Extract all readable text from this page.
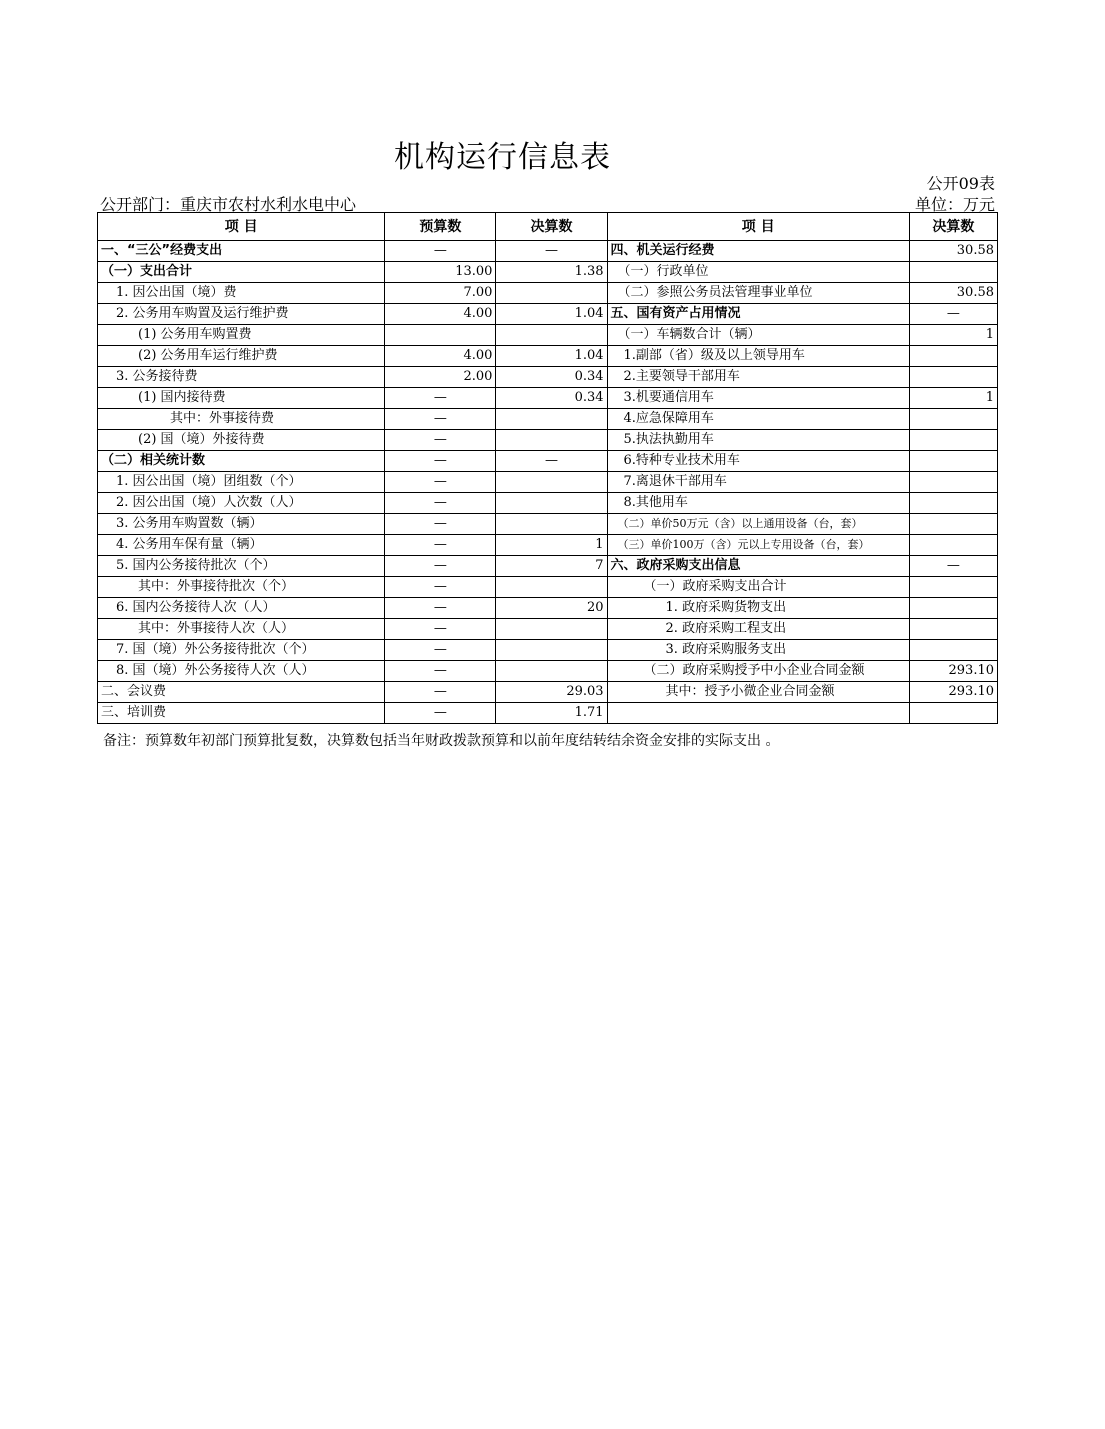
机构运行信息表
公开09表
公开部门：重庆市农村水利水电中心	单位：万元
项 目	预算数	决算数	项 目	决算数
一、“三公”经费支出	—	—	四、机关运行经费	30.58
（一）支出合计	13.00	1.38	（一）行政单位	
1. 因公出国（境）费	7.00		（二）参照公务员法管理事业单位	30.58
2. 公务用车购置及运行维护费	4.00	1.04	五、国有资产占用情况	—
(1) 公务用车购置费			（一）车辆数合计（辆）	1
(2) 公务用车运行维护费	4.00	1.04	1.副部（省）级及以上领导用车	
3. 公务接待费	2.00	0.34	2.主要领导干部用车	
(1) 国内接待费	—	0.34	3.机要通信用车	1
其中：外事接待费	—		4.应急保障用车	
(2) 国（境）外接待费	—		5.执法执勤用车	
（二）相关统计数	—	—	6.特种专业技术用车	
1. 因公出国（境）团组数（个）	—		7.离退休干部用车	
2. 因公出国（境）人次数（人）	—		8.其他用车	
3. 公务用车购置数（辆）	—		（二）单价50万元（含）以上通用设备（台，套）	
4. 公务用车保有量（辆）	—	1	（三）单价100万（含）元以上专用设备（台，套）	
5. 国内公务接待批次（个）	—	7	六、政府采购支出信息	—
其中：外事接待批次（个）	—		（一）政府采购支出合计	
6. 国内公务接待人次（人）	—	20	1. 政府采购货物支出	
其中：外事接待人次（人）	—		2. 政府采购工程支出	
7. 国（境）外公务接待批次（个）	—		3. 政府采购服务支出	
8. 国（境）外公务接待人次（人）	—		（二）政府采购授予中小企业合同金额	293.10
二、会议费	—	29.03	其中：授予小微企业合同金额	293.10
三、培训费	—	1.71		
备注：预算数年初部门预算批复数，决算数包括当年财政拨款预算和以前年度结转结余资金安排的实际支出 。
